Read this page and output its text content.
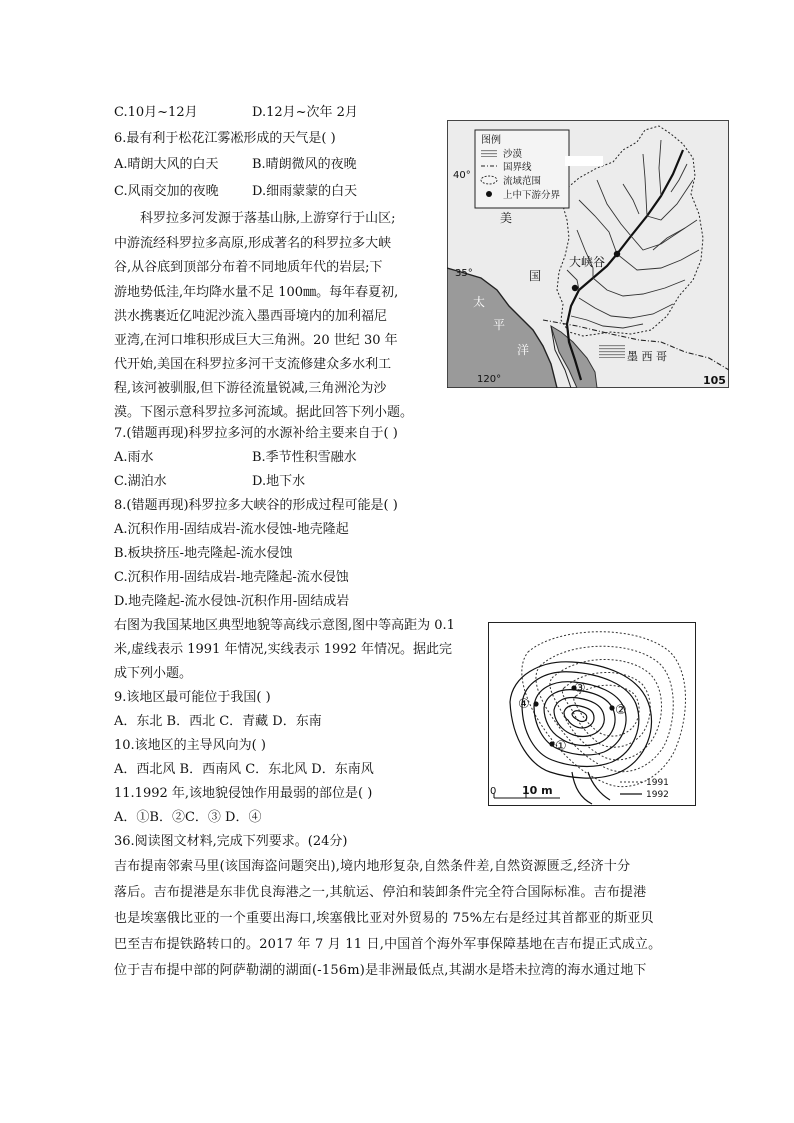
C.10月~12月	D.12月~次年 2月
6.最有利于松花江雾凇形成的天气是( )
A.晴朗大风的白天	B.晴朗微风的夜晚
C.风雨交加的夜晚	D.细雨蒙蒙的白天
科罗拉多河发源于落基山脉,上游穿行于山区;
中游流经科罗拉多高原,形成著名的科罗拉多大峡
谷,从谷底到顶部分布着不同地质年代的岩层;下
游地势低洼,年均降水量不足 100㎜。每年春夏初,
洪水携裹近亿吨泥沙流入墨西哥境内的加利福尼
亚湾,在河口堆积形成巨大三角洲。20 世纪 30 年
代开始,美国在科罗拉多河干支流修建众多水利工
程,该河被驯服,但下游径流量锐减,三角洲沦为沙
漠。下图示意科罗拉多河流域。据此回答下列小题。
图例
沙漠
国界线
流域范围
上中下游分界
40°
35°
120°	105
美
国
太
平
洋
大峡谷
墨 西 哥
7.(错题再现)科罗拉多河的水源补给主要来自于( )
A.雨水	B.季节性积雪融水
C.湖泊水	D.地下水
8.(错题再现)科罗拉多大峡谷的形成过程可能是( )
A.沉积作用-固结成岩-流水侵蚀-地壳隆起
B.板块挤压-地壳隆起-流水侵蚀
C.沉积作用-固结成岩-地壳隆起-流水侵蚀
D.地壳隆起-流水侵蚀-沉积作用-固结成岩
右图为我国某地区典型地貌等高线示意图,图中等高距为 0.1
米,虚线表示 1991 年情况,实线表示 1992 年情况。据此完
成下列小题。
①
②
③
④
0 10 m
1991
1992
9.该地区最可能位于我国( )
A．东北 B．西北 C．青藏 D．东南
10.该地区的主导风向为( )
A．西北风 B．西南风 C．东北风 D．东南风
11.1992 年,该地貌侵蚀作用最弱的部位是( )
A．①B．②C．③ D．④
36.阅读图文材料,完成下列要求。(24分)
吉布提南邻索马里(该国海盗问题突出),境内地形复杂,自然条件差,自然资源匮乏,经济十分
落后。吉布提港是东非优良海港之一,其航运、停泊和装卸条件完全符合国际标准。吉布提港
也是埃塞俄比亚的一个重要出海口,埃塞俄比亚对外贸易的 75%左右是经过其首都亚的斯亚贝
巴至吉布提铁路转口的。2017 年 7 月 11 日,中国首个海外军事保障基地在吉布提正式成立。
位于吉布提中部的阿萨勒湖的湖面(-156m)是非洲最低点,其湖水是塔未拉湾的海水通过地下
